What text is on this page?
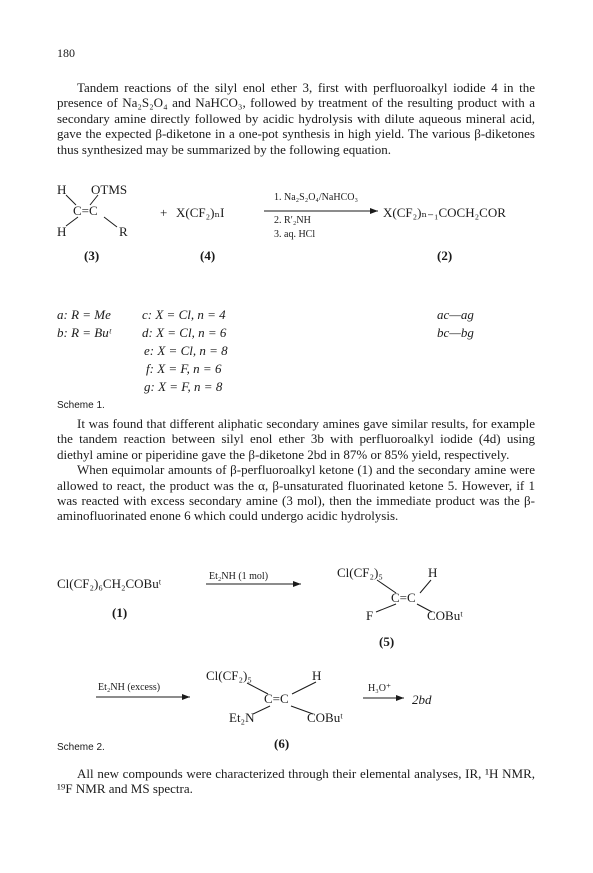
180

Tandem reactions of the silyl enol ether 3, first with perfluoroalkyl iodide 4 in the presence of Na₂S₂O₄ and NaHCO₃, followed by treatment of the resulting product with a secondary amine directly followed by acidic hydrolysis with dilute aqueous mineral acid, gave the expected β-diketone in a one-pot synthesis in high yield. The various β-diketones thus synthesized may be summarized by the following equation.

H OTMS
C=C
H	R
(3)
+ X(CF₂)ₙI
(4)
1. Na₂S₂O₄/NaHCO₃
2. R′₂NH
3. aq. HCl
X(CF₂)ₙ₋₁COCH₂COR
(2)
a: R = Me
b: R = Buᵗ
c: X = Cl, n = 4
d: X = Cl, n = 6
e: X = Cl, n = 8
f: X = F, n = 6
g: X = F, n = 8
ac—ag
bc—bg
Scheme 1.

It was found that different aliphatic secondary amines gave similar results, for example the tandem reaction between silyl enol ether 3b with perfluoroalkyl iodide (4d) using diethyl amine or piperidine gave the β-diketone 2bd in 87% or 85% yield, respectively.

When equimolar amounts of β-perfluoroalkyl ketone (1) and the secondary amine were allowed to react, the product was the α, β-unsaturated fluorinated ketone 5. However, if 1 was reacted with excess secondary amine (3 mol), then the immediate product was the β-aminofluorinated enone 6 which could undergo acidic hydrolysis.

Cl(CF₂)₆CH₂COBuᵗ
(1)
Et₂NH (1 mol)	Cl(CF₂)₅	H
C=C
F	COBuᵗ
(5)
Et₂NH (excess)
Cl(CF₂)₅	H
C=C
Et₂N	COBuᵗ
(6)
H₃O⁺
2bd
Scheme 2.

All new compounds were characterized through their elemental analyses, IR, ¹H NMR, ¹⁹F NMR and MS spectra.
